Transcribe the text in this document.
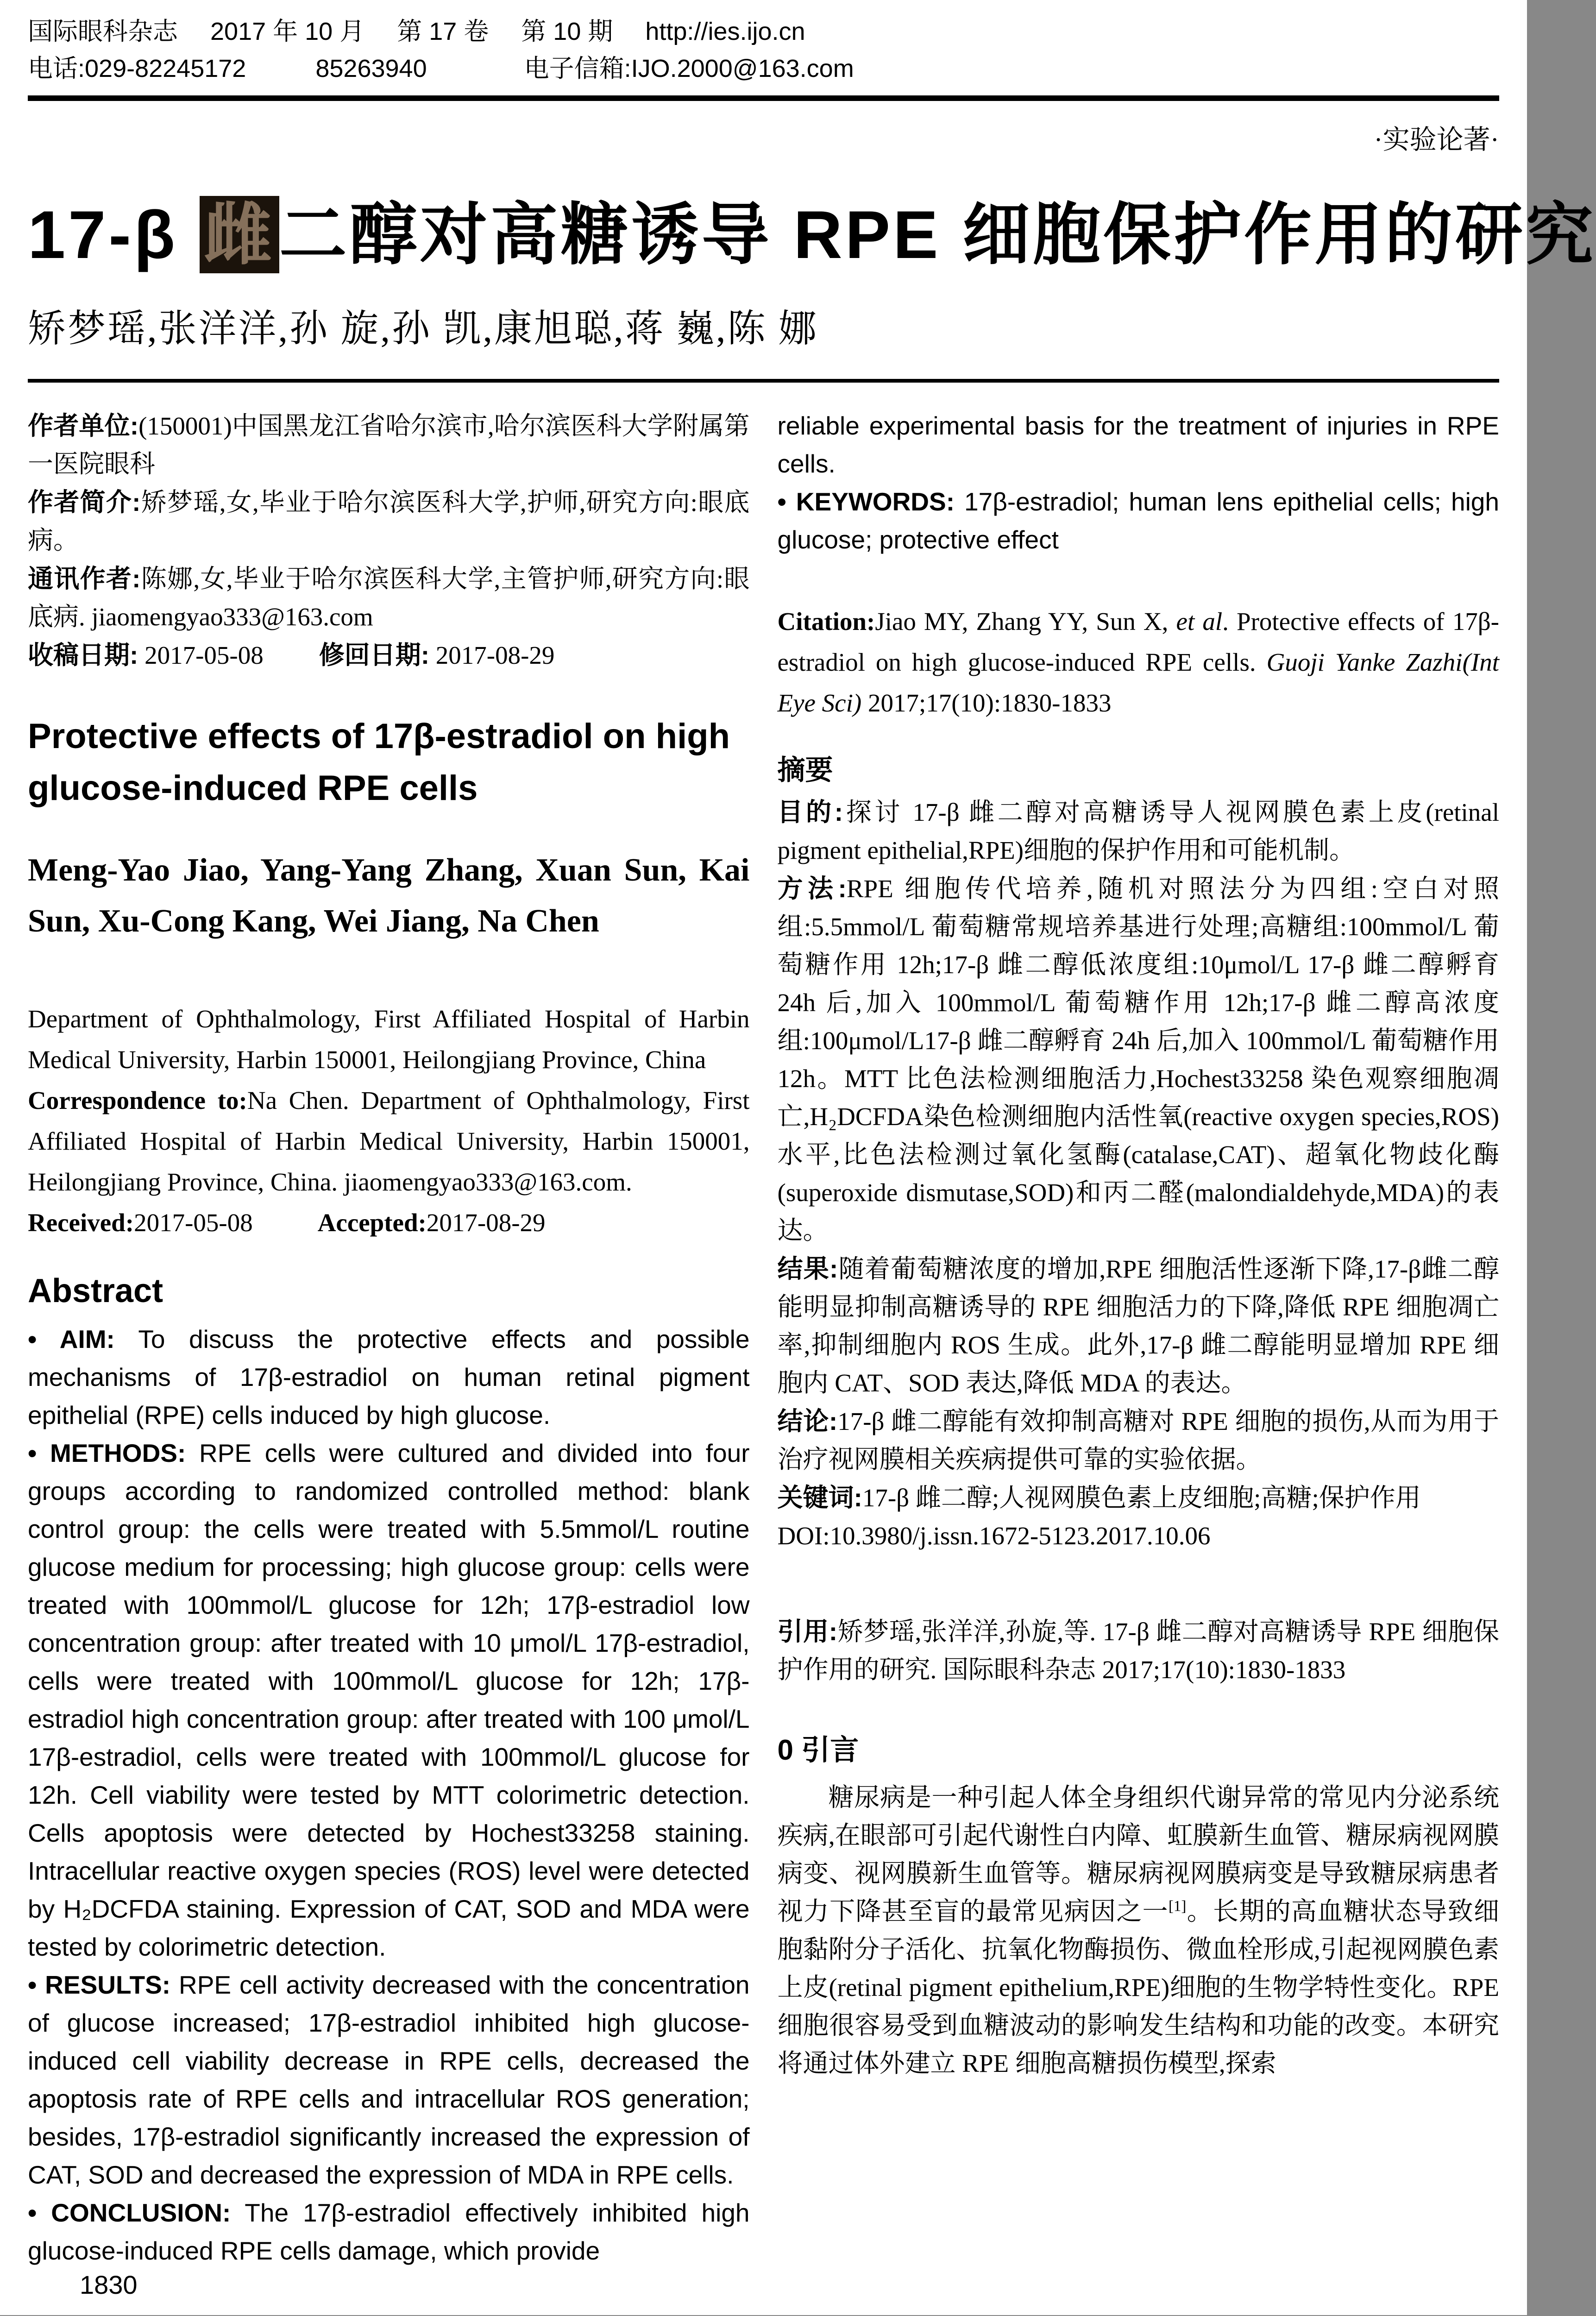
国际眼科杂志 2017 年 10 月 第 17 卷 第 10 期 http://ies.ijo.cn
电话:029-82245172	85263940	电子信箱:IJO.2000@163.com
·实验论著·
17-β 雌二醇对高糖诱导 RPE 细胞保护作用的研究
矫梦瑶,张洋洋,孙 旋,孙 凯,康旭聪,蒋 巍,陈 娜

作者单位:(150001)中国黑龙江省哈尔滨市,哈尔滨医科大学附属第一医院眼科

作者简介:矫梦瑶,女,毕业于哈尔滨医科大学,护师,研究方向:眼底病。

通讯作者:陈娜,女,毕业于哈尔滨医科大学,主管护师,研究方向:眼底病. jiaomengyao333@163.com

收稿日期: 2017-05-08 修回日期: 2017-08-29

Protective effects of 17β-estradiol on high glucose-induced RPE cells
Meng-Yao Jiao, Yang-Yang Zhang, Xuan Sun, Kai Sun, Xu-Cong Kang, Wei Jiang, Na Chen

Department of Ophthalmology, First Affiliated Hospital of Harbin Medical University, Harbin 150001, Heilongjiang Province, China

Correspondence to:Na Chen. Department of Ophthalmology, First Affiliated Hospital of Harbin Medical University, Harbin 150001, Heilongjiang Province, China. jiaomengyao333@163.com.

Received:2017-05-08	Accepted:2017-08-29

Abstract

• AIM: To discuss the protective effects and possible mechanisms of 17β-estradiol on human retinal pigment epithelial (RPE) cells induced by high glucose.

• METHODS: RPE cells were cultured and divided into four groups according to randomized controlled method: blank control group: the cells were treated with 5.5mmol/L routine glucose medium for processing; high glucose group: cells were treated with 100mmol/L glucose for 12h; 17β-estradiol low concentration group: after treated with 10 μmol/L 17β-estradiol, cells were treated with 100mmol/L glucose for 12h; 17β-estradiol high concentration group: after treated with 100 μmol/L 17β-estradiol, cells were treated with 100mmol/L glucose for 12h. Cell viability were tested by MTT colorimetric detection. Cells apoptosis were detected by Hochest33258 staining. Intracellular reactive oxygen species (ROS) level were detected by H₂DCFDA staining. Expression of CAT, SOD and MDA were tested by colorimetric detection.

• RESULTS: RPE cell activity decreased with the concentration of glucose increased; 17β-estradiol inhibited high glucose-induced cell viability decrease in RPE cells, decreased the apoptosis rate of RPE cells and intracellular ROS generation; besides, 17β-estradiol significantly increased the expression of CAT, SOD and decreased the expression of MDA in RPE cells.

• CONCLUSION: The 17β-estradiol effectively inhibited high glucose-induced RPE cells damage, which provide

1830

reliable experimental basis for the treatment of injuries in RPE cells.

• KEYWORDS: 17β-estradiol; human lens epithelial cells; high glucose; protective effect

Citation:Jiao MY, Zhang YY, Sun X, et al. Protective effects of 17β-estradiol on high glucose-induced RPE cells. Guoji Yanke Zazhi(Int Eye Sci) 2017;17(10):1830-1833

摘要

目的:探讨 17-β 雌二醇对高糖诱导人视网膜色素上皮(retinal pigment epithelial,RPE)细胞的保护作用和可能机制。

方法:RPE 细胞传代培养,随机对照法分为四组:空白对照组:5.5mmol/L 葡萄糖常规培养基进行处理;高糖组:100mmol/L 葡萄糖作用 12h;17-β 雌二醇低浓度组:10μmol/L 17-β 雌二醇孵育 24h 后,加入 100mmol/L 葡萄糖作用 12h;17-β 雌二醇高浓度组:100μmol/L17-β 雌二醇孵育 24h 后,加入 100mmol/L 葡萄糖作用 12h。MTT 比色法检测细胞活力,Hochest33258 染色观察细胞凋亡,H₂DCFDA染色检测细胞内活性氧(reactive oxygen species,ROS)水平,比色法检测过氧化氢酶(catalase,CAT)、超氧化物歧化酶(superoxide dismutase,SOD)和丙二醛(malondialdehyde,MDA)的表达。

结果:随着葡萄糖浓度的增加,RPE 细胞活性逐渐下降,17-β雌二醇能明显抑制高糖诱导的 RPE 细胞活力的下降,降低 RPE 细胞凋亡率,抑制细胞内 ROS 生成。此外,17-β 雌二醇能明显增加 RPE 细胞内 CAT、SOD 表达,降低 MDA 的表达。

结论:17-β 雌二醇能有效抑制高糖对 RPE 细胞的损伤,从而为用于治疗视网膜相关疾病提供可靠的实验依据。

关键词:17-β 雌二醇;人视网膜色素上皮细胞;高糖;保护作用

DOI:10.3980/j.issn.1672-5123.2017.10.06

引用:矫梦瑶,张洋洋,孙旋,等. 17-β 雌二醇对高糖诱导 RPE 细胞保护作用的研究. 国际眼科杂志 2017;17(10):1830-1833

0 引言

糖尿病是一种引起人体全身组织代谢异常的常见内分泌系统疾病,在眼部可引起代谢性白内障、虹膜新生血管、糖尿病视网膜病变、视网膜新生血管等。糖尿病视网膜病变是导致糖尿病患者视力下降甚至盲的最常见病因之一[1]。长期的高血糖状态导致细胞黏附分子活化、抗氧化物酶损伤、微血栓形成,引起视网膜色素上皮(retinal pigment epithelium,RPE)细胞的生物学特性变化。RPE 细胞很容易受到血糖波动的影响发生结构和功能的改变。本研究将通过体外建立 RPE 细胞高糖损伤模型,探索
